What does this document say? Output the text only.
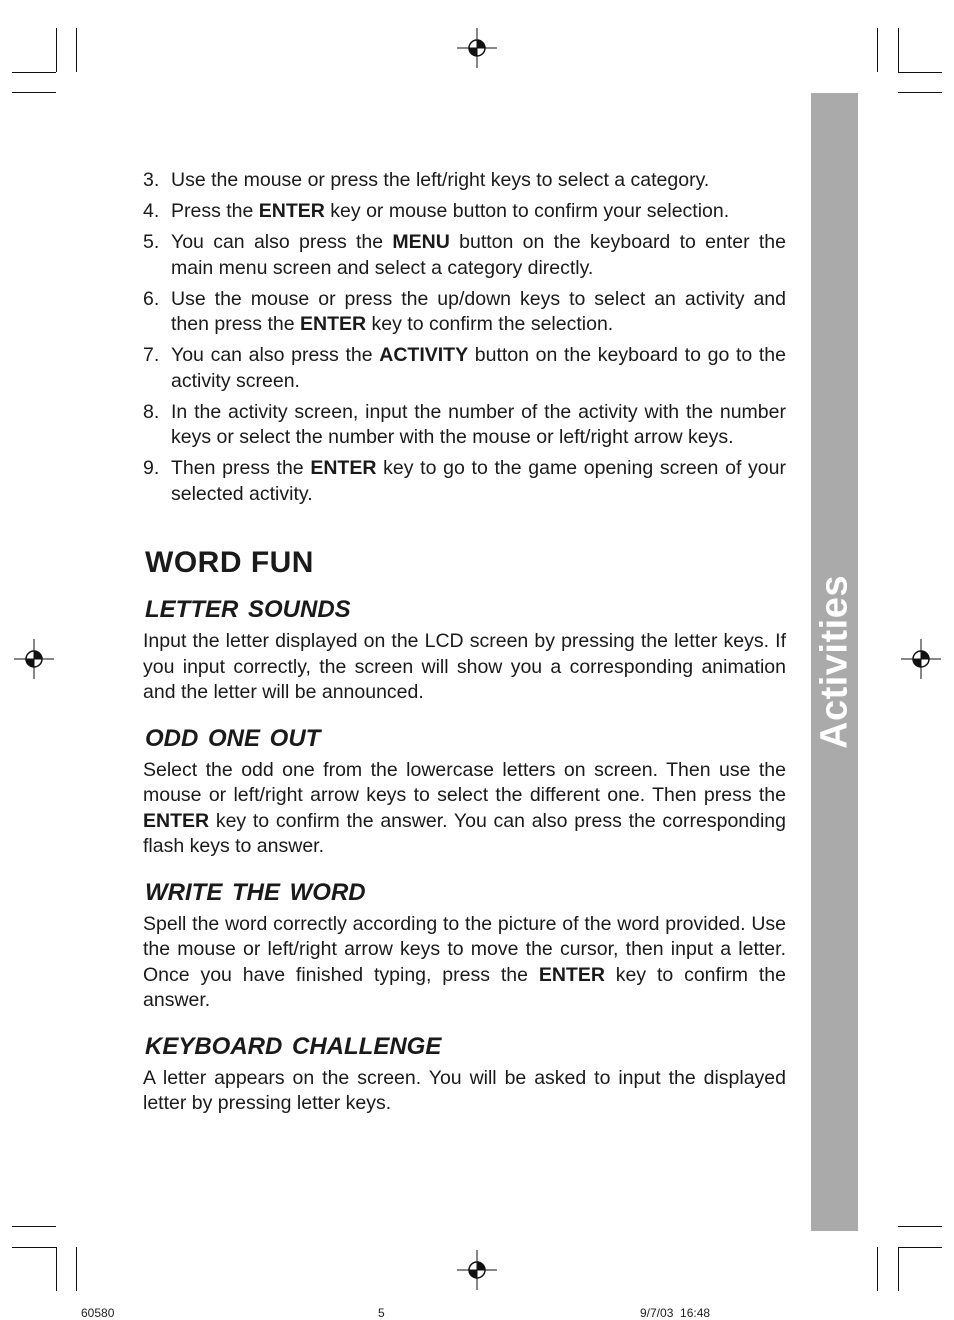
Activities
3. Use the mouse or press the left/right keys to select a category.
4. Press the ENTER key or mouse button to confirm your selection.
5. You can also press the MENU button on the keyboard to enter the main menu screen and select a category directly.
6. Use the mouse or press the up/down keys to select an activity and then press the ENTER key to confirm the selection.
7. You can also press the ACTIVITY button on the keyboard to go to the activity screen.
8. In the activity screen, input the number of the activity with the number keys or select the number with the mouse or left/right arrow keys.
9. Then press the ENTER key to go to the game opening screen of your selected activity.
WORD FUN
LETTER SOUNDS

Input the letter displayed on the LCD screen by pressing the letter keys. If you input correctly, the screen will show you a corresponding animation and the letter will be announced.

ODD ONE OUT

Select the odd one from the lowercase letters on screen. Then use the mouse or left/right arrow keys to select the different one. Then press the ENTER key to confirm the answer. You can also press the corresponding flash keys to answer.

WRITE THE WORD

Spell the word correctly according to the picture of the word provided. Use the mouse or left/right arrow keys to move the cursor, then input a letter. Once you have finished typing, press the ENTER key to confirm the answer.

KEYBOARD CHALLENGE

A letter appears on the screen. You will be asked to input the displayed letter by pressing letter keys.

60580	5	9/7/03  16:48
